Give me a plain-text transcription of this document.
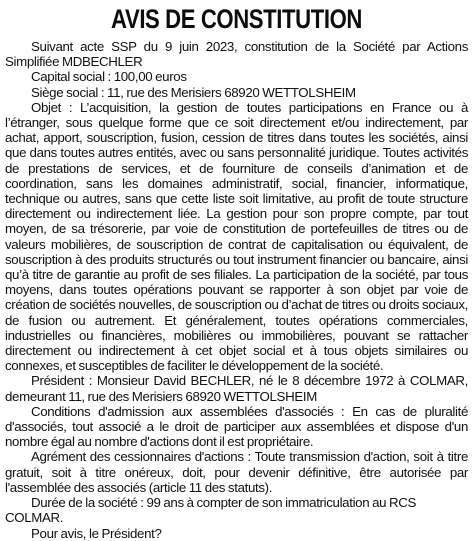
AVIS DE CONSTITUTION

Suivant acte SSP du 9 juin 2023, constitution de la Société par Actions Simplifiée MDBECHLER

Capital social : 100,00 euros

Siège social : 11, rue des Merisiers 68920 WETTOLSHEIM

Objet : L’acquisition, la gestion de toutes participations en France ou à l’étranger, sous quelque forme que ce soit directement et/ou indirectement, par achat, apport, souscription, fusion, cession de titres dans toutes les sociétés, ainsi que dans toutes autres entités, avec ou sans personnalité juridique. Toutes activités de prestations de services, et de fourniture de conseils d’animation et de coordination, sans les domaines administratif, social, financier, informatique, technique ou autres, sans que cette liste soit limitative, au profit de toute structure directement ou indirectement liée. La gestion pour son propre compte, par tout moyen, de sa trésorerie, par voie de constitution de portefeuilles de titres ou de valeurs mobilières, de souscription de contrat de capitalisation ou équivalent, de souscription à des produits structurés ou tout instrument financier ou bancaire, ainsi qu’à titre de garantie au profit de ses filiales. La participation de la société, par tous moyens, dans toutes opérations pouvant se rapporter à son objet par voie de création de sociétés nouvelles, de souscription ou d’achat de titres ou droits sociaux, de fusion ou autrement. Et généralement, toutes opérations commerciales, industrielles ou financières, mobilières ou immobilières, pouvant se rattacher directement ou indirectement à cet objet social et à tous objets similaires ou connexes, et susceptibles de faciliter le développement de la société.

Président : Monsieur David BECHLER, né le 8 décembre 1972 à COLMAR, demeurant 11, rue des Merisiers 68920 WETTOLSHEIM

Conditions d'admission aux assemblées d'associés : En cas de pluralité d'associés, tout associé a le droit de participer aux assemblées et dispose d'un nombre égal au nombre d'actions dont il est propriétaire.

Agrément des cessionnaires d'actions : Toute transmission d'action, soit à titre gratuit, soit à titre onéreux, doit, pour devenir définitive, être autorisée par l'assemblée des associés (article 11 des statuts).

Durée de la société : 99 ans à compter de son immatriculation au RCS COLMAR.

Pour avis, le Président?
